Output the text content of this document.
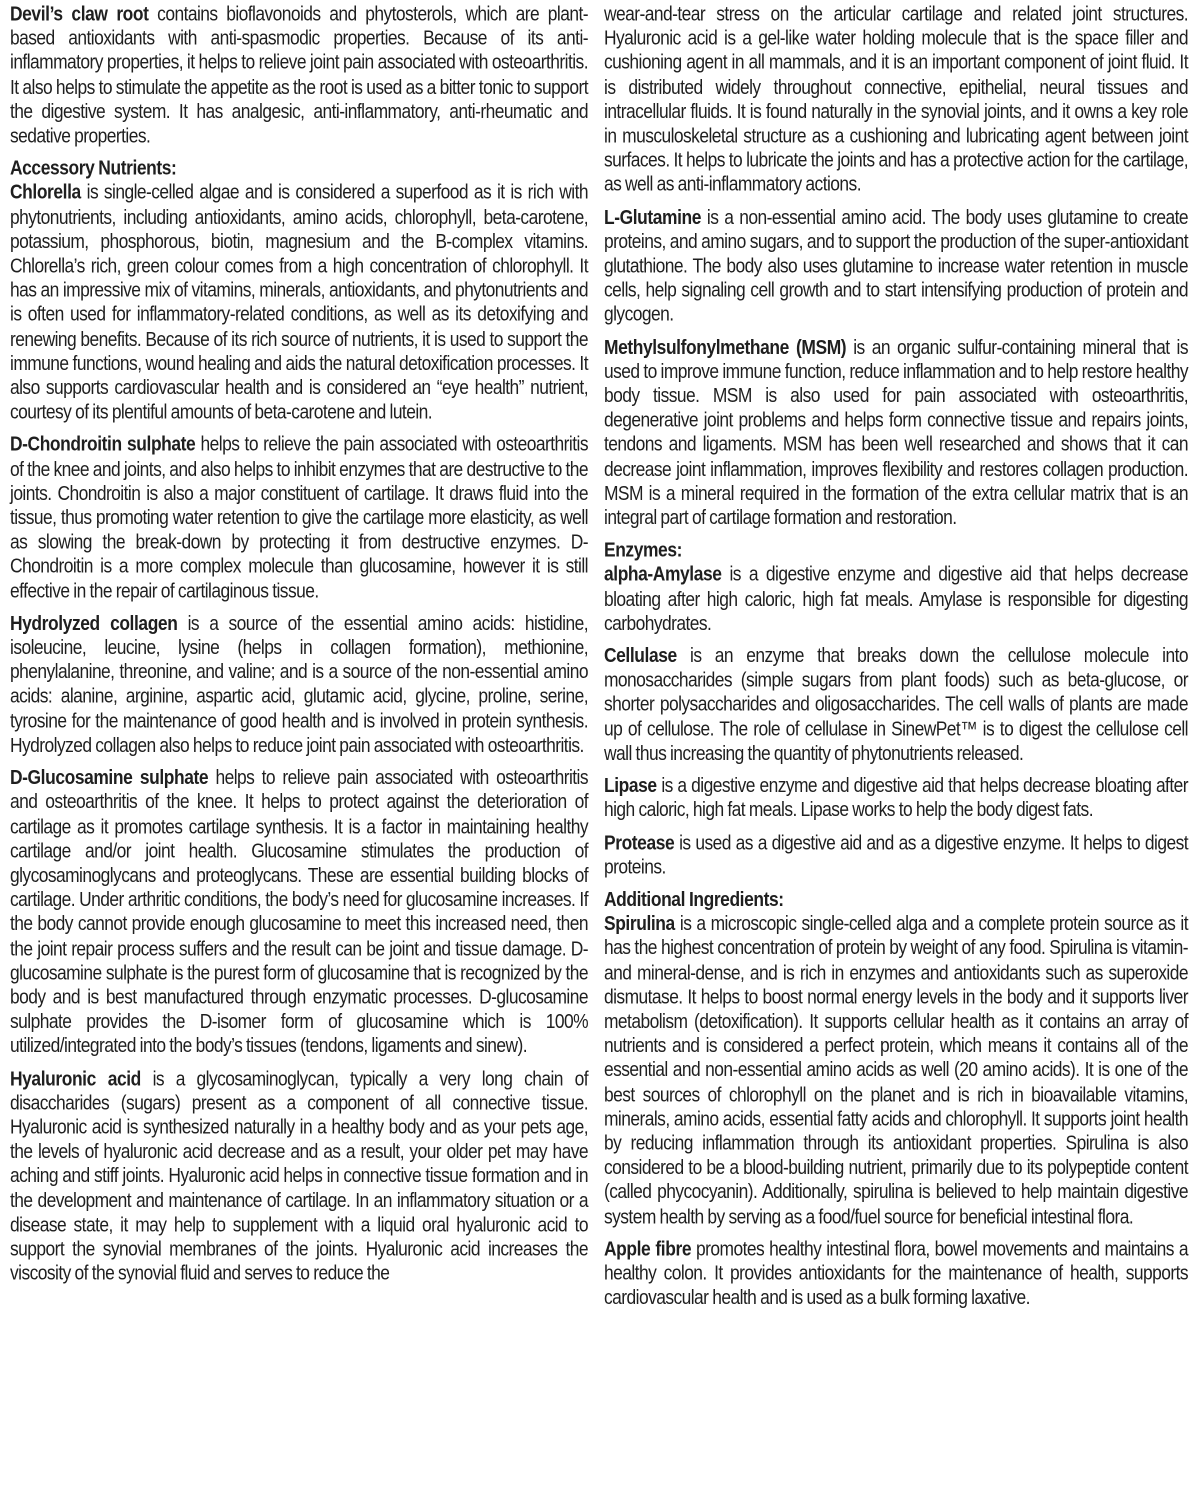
Devil’s claw root contains bioflavonoids and phytosterols, which are plant-based antioxidants with anti-spasmodic properties. Because of its anti-inflammatory properties, it helps to relieve joint pain associated with osteoarthritis. It also helps to stimulate the appetite as the root is used as a bitter tonic to support the digestive system. It has analgesic, anti-inflammatory, anti-rheumatic and sedative properties.

Accessory Nutrients:

Chlorella is single-celled algae and is considered a superfood as it is rich with phytonutrients, including antioxidants, amino acids, chlorophyll, beta-carotene, potassium, phosphorous, biotin, magnesium and the B-complex vitamins. Chlorella’s rich, green colour comes from a high concentration of chlorophyll. It has an impressive mix of vitamins, minerals, antioxidants, and phytonutrients and is often used for inflammatory-related conditions, as well as its detoxifying and renewing benefits. Because of its rich source of nutrients, it is used to support the immune functions, wound healing and aids the natural detoxification processes. It also supports cardiovascular health and is considered an “eye health” nutrient, courtesy of its plentiful amounts of beta-carotene and lutein.

D-Chondroitin sulphate helps to relieve the pain associated with osteoarthritis of the knee and joints, and also helps to inhibit enzymes that are destructive to the joints. Chondroitin is also a major constituent of cartilage. It draws fluid into the tissue, thus promoting water retention to give the cartilage more elasticity, as well as slowing the break-down by protecting it from destructive enzymes. D-Chondroitin is a more complex molecule than glucosamine, however it is still effective in the repair of cartilaginous tissue.

Hydrolyzed collagen is a source of the essential amino acids: histidine, isoleucine, leucine, lysine (helps in collagen formation), methionine, phenylalanine, threonine, and valine; and is a source of the non-essential amino acids: alanine, arginine, aspartic acid, glutamic acid, glycine, proline, serine, tyrosine for the maintenance of good health and is involved in protein synthesis. Hydrolyzed collagen also helps to reduce joint pain associated with osteoarthritis.

D-Glucosamine sulphate helps to relieve pain associated with osteoarthritis and osteoarthritis of the knee. It helps to protect against the deterioration of cartilage as it promotes cartilage synthesis. It is a factor in maintaining healthy cartilage and/or joint health. Glucosamine stimulates the production of glycosaminoglycans and proteoglycans. These are essential building blocks of cartilage. Under arthritic conditions, the body’s need for glucosamine increases. If the body cannot provide enough glucosamine to meet this increased need, then the joint repair process suffers and the result can be joint and tissue damage. D-glucosamine sulphate is the purest form of glucosamine that is recognized by the body and is best manufactured through enzymatic processes. D-glucosamine sulphate provides the D-isomer form of glucosamine which is 100% utilized/integrated into the body’s tissues (tendons, ligaments and sinew).

Hyaluronic acid is a glycosaminoglycan, typically a very long chain of disaccharides (sugars) present as a component of all connective tissue. Hyaluronic acid is synthesized naturally in a healthy body and as your pets age, the levels of hyaluronic acid decrease and as a result, your older pet may have aching and stiff joints. Hyaluronic acid helps in connective tissue formation and in the development and maintenance of cartilage. In an inflammatory situation or a disease state, it may help to supplement with a liquid oral hyaluronic acid to support the synovial membranes of the joints. Hyaluronic acid increases the viscosity of the synovial fluid and serves to reduce the

wear-and-tear stress on the articular cartilage and related joint structures. Hyaluronic acid is a gel-like water holding molecule that is the space filler and cushioning agent in all mammals, and it is an important component of joint fluid. It is distributed widely throughout connective, epithelial, neural tissues and intracellular fluids. It is found naturally in the synovial joints, and it owns a key role in musculoskeletal structure as a cushioning and lubricating agent between joint surfaces. It helps to lubricate the joints and has a protective action for the cartilage, as well as anti-inflammatory actions.

L-Glutamine is a non-essential amino acid. The body uses glutamine to create proteins, and amino sugars, and to support the production of the super-antioxidant glutathione. The body also uses glutamine to increase water retention in muscle cells, help signaling cell growth and to start intensifying production of protein and glycogen.

Methylsulfonylmethane (MSM) is an organic sulfur-containing mineral that is used to improve immune function, reduce inflammation and to help restore healthy body tissue. MSM is also used for pain associated with osteoarthritis, degenerative joint problems and helps form connective tissue and repairs joints, tendons and ligaments. MSM has been well researched and shows that it can decrease joint inflammation, improves flexibility and restores collagen production. MSM is a mineral required in the formation of the extra cellular matrix that is an integral part of cartilage formation and restoration.

Enzymes:

alpha-Amylase is a digestive enzyme and digestive aid that helps decrease bloating after high caloric, high fat meals. Amylase is responsible for digesting carbohydrates.

Cellulase is an enzyme that breaks down the cellulose molecule into monosaccharides (simple sugars from plant foods) such as beta-glucose, or shorter polysaccharides and oligosaccharides. The cell walls of plants are made up of cellulose. The role of cellulase in SinewPet™ is to digest the cellulose cell wall thus increasing the quantity of phytonutrients released.

Lipase is a digestive enzyme and digestive aid that helps decrease bloating after high caloric, high fat meals. Lipase works to help the body digest fats.

Protease is used as a digestive aid and as a digestive enzyme. It helps to digest proteins.

Additional Ingredients:

Spirulina is a microscopic single-celled alga and a complete protein source as it has the highest concentration of protein by weight of any food. Spirulina is vitamin- and mineral-dense, and is rich in enzymes and antioxidants such as superoxide dismutase. It helps to boost normal energy levels in the body and it supports liver metabolism (detoxification). It supports cellular health as it contains an array of nutrients and is considered a perfect protein, which means it contains all of the essential and non-essential amino acids as well (20 amino acids). It is one of the best sources of chlorophyll on the planet and is rich in bioavailable vitamins, minerals, amino acids, essential fatty acids and chlorophyll. It supports joint health by reducing inflammation through its antioxidant properties. Spirulina is also considered to be a blood-building nutrient, primarily due to its polypeptide content (called phycocyanin). Additionally, spirulina is believed to help maintain digestive system health by serving as a food/fuel source for beneficial intestinal flora.

Apple fibre promotes healthy intestinal flora, bowel movements and maintains a healthy colon. It provides antioxidants for the maintenance of health, supports cardiovascular health and is used as a bulk forming laxative.
